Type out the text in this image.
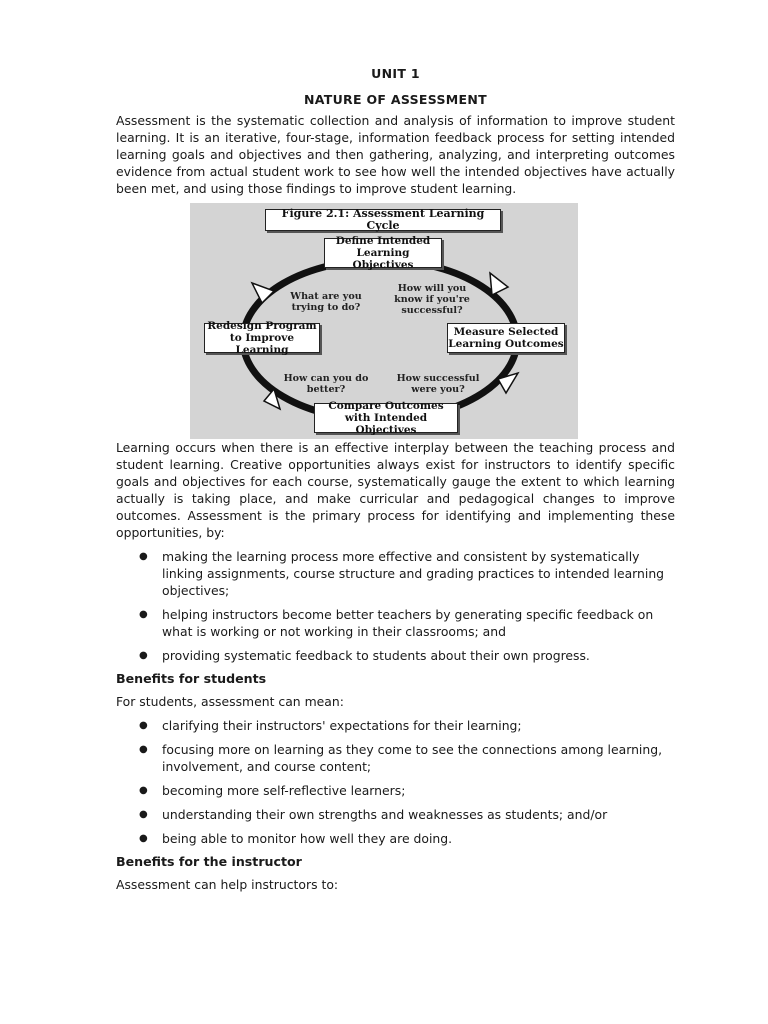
UNIT 1
NATURE OF ASSESSMENT

Assessment is the systematic collection and analysis of information to improve student learning. It is an iterative, four-stage, information feedback process for setting intended learning goals and objectives and then gathering, analyzing, and interpreting outcomes evidence from actual student work to see how well the intended objectives have actually been met, and using those findings to improve student learning.

Figure 2.1: Assessment Learning Cycle
Define Intended Learning Objectives
Measure Selected Learning Outcomes
Compare Outcomes with Intended Objectives
Redesign Program to Improve Learning
What are you trying to do?
How will you know if you're successful?
How can you do better?
How successful were you?

Learning occurs when there is an effective interplay between the teaching process and student learning. Creative opportunities always exist for instructors to identify specific goals and objectives for each course, systematically gauge the extent to which learning actually is taking place, and make curricular and pedagogical changes to improve outcomes. Assessment is the primary process for identifying and implementing these opportunities, by:

● making the learning process more effective and consistent by systematically linking assignments, course structure and grading practices to intended learning objectives;
● helping instructors become better teachers by generating specific feedback on what is working or not working in their classrooms; and
● providing systematic feedback to students about their own progress.
Benefits for students

For students, assessment can mean:

● clarifying their instructors' expectations for their learning;
● focusing more on learning as they come to see the connections among learning, involvement, and course content;
● becoming more self-reflective learners;
● understanding their own strengths and weaknesses as students; and/or
● being able to monitor how well they are doing.
Benefits for the instructor

Assessment can help instructors to:
